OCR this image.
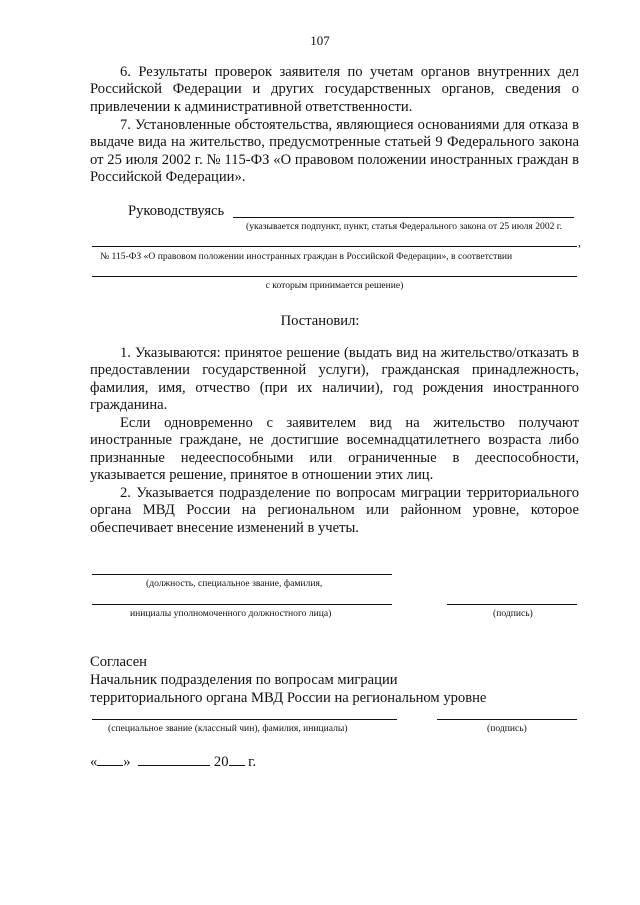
107
6. Результаты проверок заявителя по учетам органов внутренних дел Российской Федерации и других государственных органов, сведения о привлечении к административной ответственности.
7. Установленные обстоятельства, являющиеся основаниями для отказа в выдаче вида на жительство, предусмотренные статьей 9 Федерального закона от 25 июля 2002 г. № 115-ФЗ «О правовом положении иностранных граждан в Российской Федерации».
Руководствуясь
(указывается подпункт, пункт, статья Федерального закона от 25 июля 2002 г.
,
№ 115-ФЗ «О правовом положении иностранных граждан в Российской Федерации», в соответствии
с которым принимается решение)
Постановил:
1. Указываются: принятое решение (выдать вид на жительство/отказать в предоставлении государственной услуги), гражданская принадлежность, фамилия, имя, отчество (при их наличии), год рождения иностранного гражданина.
Если одновременно с заявителем вид на жительство получают иностранные граждане, не достигшие восемнадцатилетнего возраста либо признанные недееспособными или ограниченные в дееспособности, указывается решение, принятое в отношении этих лиц.
2. Указывается подразделение по вопросам миграции территориального органа МВД России на региональном или районном уровне, которое обеспечивает внесение изменений в учеты.
(должность, специальное звание, фамилия,
инициалы уполномоченного должностного лица)	(подпись)
Согласен
Начальник подразделения по вопросам миграции
территориального органа МВД России на региональном уровне
(специальное звание (классный чин), фамилия, инициалы)	(подпись)
« »	20 г.
